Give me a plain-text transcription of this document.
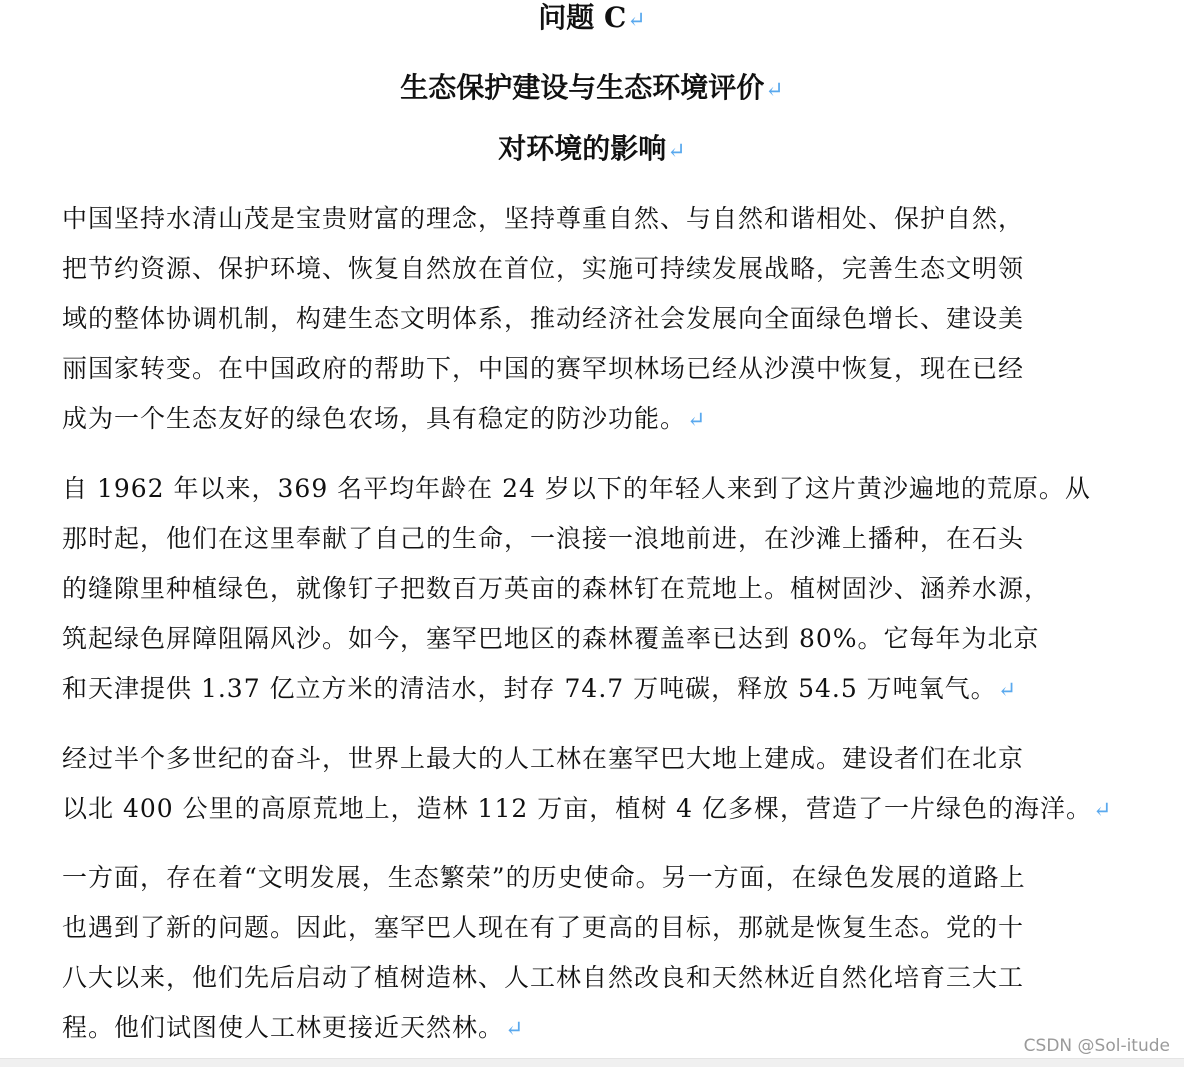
问题 C↵
生态保护建设与生态环境评价↵
对环境的影响↵
中国坚持水清山茂是宝贵财富的理念，坚持尊重自然、与自然和谐相处、保护自然，
把节约资源、保护环境、恢复自然放在首位，实施可持续发展战略，完善生态文明领
域的整体协调机制，构建生态文明体系，推动经济社会发展向全面绿色增长、建设美
丽国家转变。在中国政府的帮助下，中国的赛罕坝林场已经从沙漠中恢复，现在已经
成为一个生态友好的绿色农场，具有稳定的防沙功能。↵
自 1962 年以来，369 名平均年龄在 24 岁以下的年轻人来到了这片黄沙遍地的荒原。从
那时起，他们在这里奉献了自己的生命，一浪接一浪地前进，在沙滩上播种，在石头
的缝隙里种植绿色，就像钉子把数百万英亩的森林钉在荒地上。植树固沙、涵养水源，
筑起绿色屏障阻隔风沙。如今，塞罕巴地区的森林覆盖率已达到 80%。它每年为北京
和天津提供 1.37 亿立方米的清洁水，封存 74.7 万吨碳，释放 54.5 万吨氧气。↵
经过半个多世纪的奋斗，世界上最大的人工林在塞罕巴大地上建成。建设者们在北京
以北 400 公里的高原荒地上，造林 112 万亩，植树 4 亿多棵，营造了一片绿色的海洋。↵
一方面，存在着“文明发展，生态繁荣”的历史使命。另一方面，在绿色发展的道路上
也遇到了新的问题。因此，塞罕巴人现在有了更高的目标，那就是恢复生态。党的十
八大以来，他们先后启动了植树造林、人工林自然改良和天然林近自然化培育三大工
程。他们试图使人工林更接近天然林。↵
CSDN @Sol-itude
